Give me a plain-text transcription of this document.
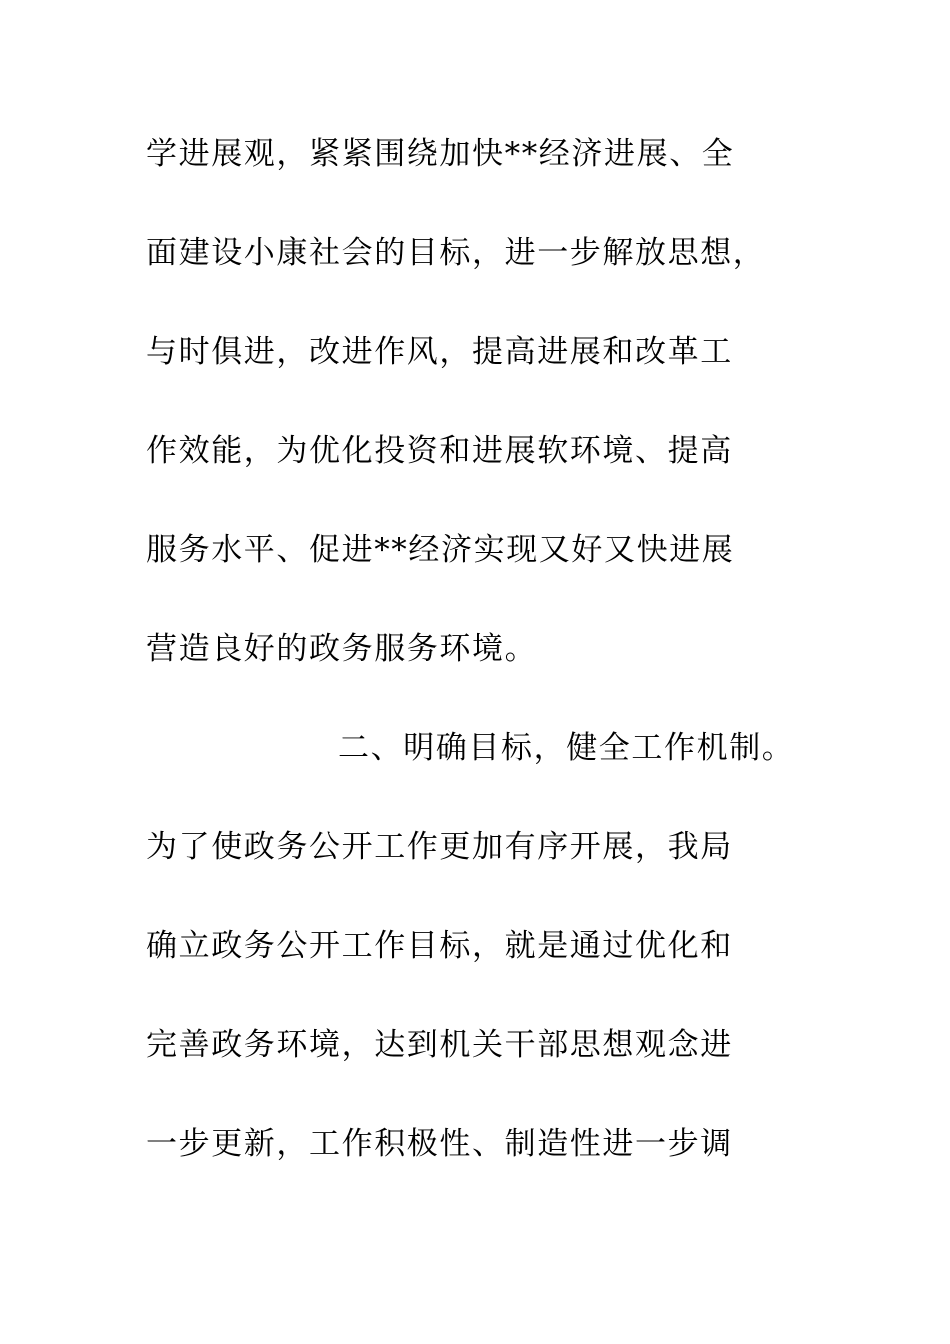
学进展观，紧紧围绕加快**经济进展、全
面建设小康社会的目标，进一步解放思想，
与时俱进，改进作风，提高进展和改革工
作效能，为优化投资和进展软环境、提高
服务水平、促进**经济实现又好又快进展
营造良好的政务服务环境。
二、明确目标，健全工作机制。
为了使政务公开工作更加有序开展，我局
确立政务公开工作目标，就是通过优化和
完善政务环境，达到机关干部思想观念进
一步更新，工作积极性、制造性进一步调
